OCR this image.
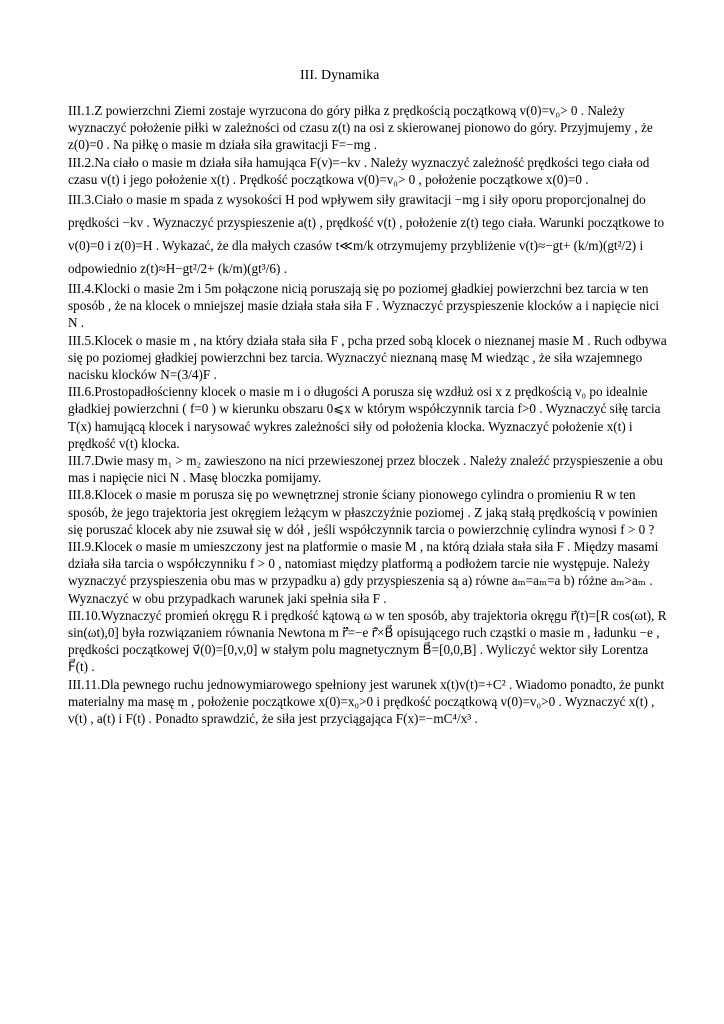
III. Dynamika

III.1.Z powierzchni Ziemi zostaje wyrzucona do góry piłka z prędkością początkową v(0)=v₀> 0 . Należy wyznaczyć położenie piłki w zależności od czasu z(t) na osi z skierowanej pionowo do góry. Przyjmujemy , że z(0)=0 . Na piłkę o masie m działa siła grawitacji F=−mg .

III.2.Na ciało o masie m działa siła hamująca F(v)=−kv . Należy wyznaczyć zależność prędkości tego ciała od czasu v(t) i jego położenie x(t) . Prędkość początkowa v(0)=v₀> 0 , położenie początkowe x(0)=0 .

III.3.Ciało o masie m spada z wysokości H pod wpływem siły grawitacji −mg i siły oporu proporcjonalnej do prędkości −kv . Wyznaczyć przyspieszenie a(t) , prędkość v(t) , położenie z(t) tego ciała. Warunki początkowe to v(0)=0 i z(0)=H . Wykazać, że dla małych czasów t≪m/k otrzymujemy przybliżenie v(t)≈−gt+ (k/m)(gt²/2) i odpowiednio z(t)≈H−gt²/2+ (k/m)(gt³/6) .

III.4.Klocki o masie 2m i 5m połączone nicią poruszają się po poziomej gładkiej powierzchni bez tarcia w ten sposób , że na klocek o mniejszej masie działa stała siła F . Wyznaczyć przyspieszenie klocków a i napięcie nici N .

III.5.Klocek o masie m , na który działa stała siła F , pcha przed sobą klocek o nieznanej masie M . Ruch odbywa się po poziomej gładkiej powierzchni bez tarcia. Wyznaczyć nieznaną masę M wiedząc , że siła wzajemnego nacisku klocków N=(3/4)F .

III.6.Prostopadłościenny klocek o masie m i o długości A porusza się wzdłuż osi x z prędkością v₀ po idealnie gładkiej powierzchni ( f=0 ) w kierunku obszaru 0⩽x w którym współczynnik tarcia f>0 . Wyznaczyć siłę tarcia T(x) hamującą klocek i narysować wykres zależności siły od położenia klocka. Wyznaczyć położenie x(t) i prędkość v(t) klocka.

III.7.Dwie masy m₁ > m₂ zawieszono na nici przewieszonej przez bloczek . Należy znaleźć przyspieszenie a obu mas i napięcie nici N . Masę bloczka pomijamy.

III.8.Klocek o masie m porusza się po wewnętrznej stronie ściany pionowego cylindra o promieniu R w ten sposób, że jego trajektoria jest okręgiem leżącym w płaszczyźnie poziomej . Z jaką stałą prędkością v powinien się poruszać klocek aby nie zsuwał się w dół , jeśli współczynnik tarcia o powierzchnię cylindra wynosi f > 0 ?

III.9.Klocek o masie m umieszczony jest na platformie o masie M , na którą działa stała siła F . Między masami działa siła tarcia o współczynniku f > 0 , natomiast między platformą a podłożem tarcie nie występuje. Należy wyznaczyć przyspieszenia obu mas w przypadku a) gdy przyspieszenia są a) równe aₘ=aₘ=a b) różne aₘ>aₘ . Wyznaczyć w obu przypadkach warunek jaki spełnia siła F .

III.10.Wyznaczyć promień okręgu R i prędkość kątową ω w ten sposób, aby trajektoria okręgu r⃗(t)=[R cos(ωt), R sin(ωt),0] była rozwiązaniem równania Newtona m r⃗̈=−e r⃗̇×B⃗ opisującego ruch cząstki o masie m , ładunku −e , prędkości początkowej v⃗(0)=[0,v,0] w stałym polu magnetycznym B⃗=[0,0,B] . Wyliczyć wektor siły Lorentza F⃗(t) .

III.11.Dla pewnego ruchu jednowymiarowego spełniony jest warunek x(t)v(t)=+C² . Wiadomo ponadto, że punkt materialny ma masę m , położenie początkowe x(0)=x₀>0 i prędkość początkową v(0)=v₀>0 . Wyznaczyć x(t) , v(t) , a(t) i F(t) . Ponadto sprawdzić, że siła jest przyciągająca F(x)=−mC⁴/x³ .
